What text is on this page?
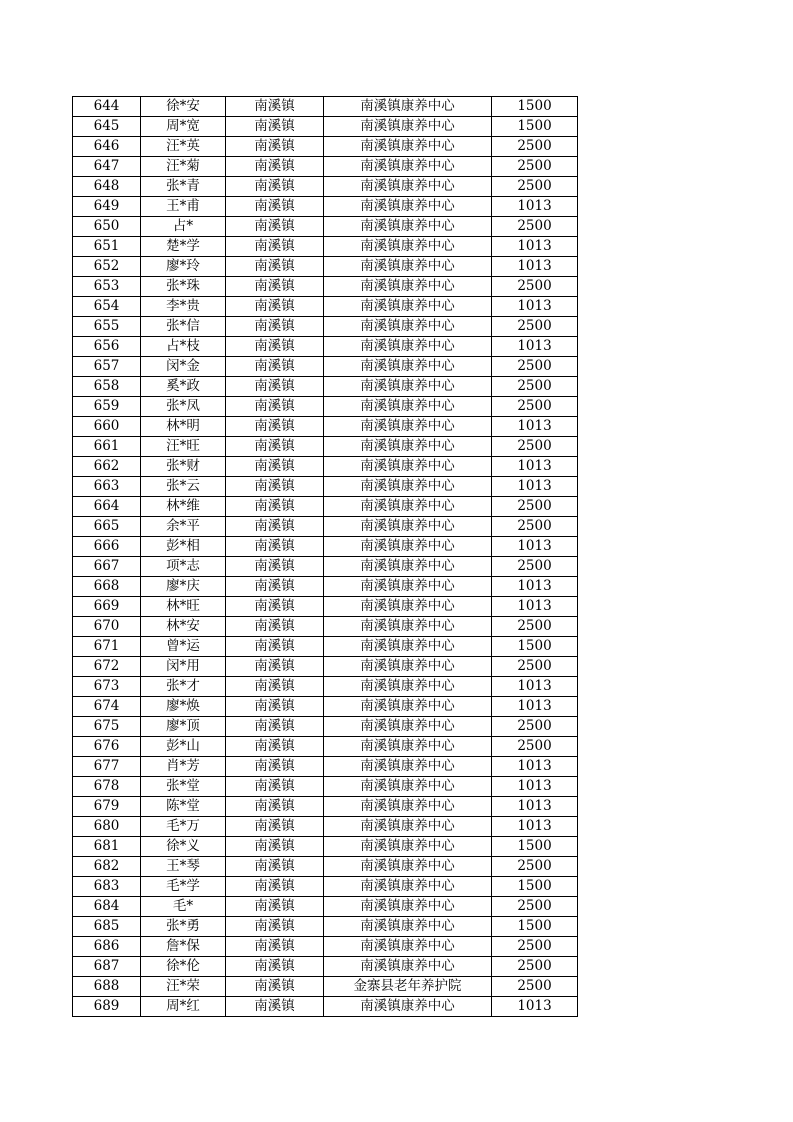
644	徐*安	南溪镇	南溪镇康养中心	1500
645	周*宽	南溪镇	南溪镇康养中心	1500
646	汪*英	南溪镇	南溪镇康养中心	2500
647	汪*菊	南溪镇	南溪镇康养中心	2500
648	张*青	南溪镇	南溪镇康养中心	2500
649	王*甫	南溪镇	南溪镇康养中心	1013
650	占*	南溪镇	南溪镇康养中心	2500
651	楚*学	南溪镇	南溪镇康养中心	1013
652	廖*玲	南溪镇	南溪镇康养中心	1013
653	张*珠	南溪镇	南溪镇康养中心	2500
654	李*贵	南溪镇	南溪镇康养中心	1013
655	张*信	南溪镇	南溪镇康养中心	2500
656	占*枝	南溪镇	南溪镇康养中心	1013
657	闵*金	南溪镇	南溪镇康养中心	2500
658	奚*政	南溪镇	南溪镇康养中心	2500
659	张*凤	南溪镇	南溪镇康养中心	2500
660	林*明	南溪镇	南溪镇康养中心	1013
661	汪*旺	南溪镇	南溪镇康养中心	2500
662	张*财	南溪镇	南溪镇康养中心	1013
663	张*云	南溪镇	南溪镇康养中心	1013
664	林*维	南溪镇	南溪镇康养中心	2500
665	余*平	南溪镇	南溪镇康养中心	2500
666	彭*相	南溪镇	南溪镇康养中心	1013
667	项*志	南溪镇	南溪镇康养中心	2500
668	廖*庆	南溪镇	南溪镇康养中心	1013
669	林*旺	南溪镇	南溪镇康养中心	1013
670	林*安	南溪镇	南溪镇康养中心	2500
671	曾*运	南溪镇	南溪镇康养中心	1500
672	闵*用	南溪镇	南溪镇康养中心	2500
673	张*才	南溪镇	南溪镇康养中心	1013
674	廖*焕	南溪镇	南溪镇康养中心	1013
675	廖*顶	南溪镇	南溪镇康养中心	2500
676	彭*山	南溪镇	南溪镇康养中心	2500
677	肖*芳	南溪镇	南溪镇康养中心	1013
678	张*堂	南溪镇	南溪镇康养中心	1013
679	陈*堂	南溪镇	南溪镇康养中心	1013
680	毛*万	南溪镇	南溪镇康养中心	1013
681	徐*义	南溪镇	南溪镇康养中心	1500
682	王*琴	南溪镇	南溪镇康养中心	2500
683	毛*学	南溪镇	南溪镇康养中心	1500
684	毛*	南溪镇	南溪镇康养中心	2500
685	张*勇	南溪镇	南溪镇康养中心	1500
686	詹*保	南溪镇	南溪镇康养中心	2500
687	徐*伦	南溪镇	南溪镇康养中心	2500
688	汪*荣	南溪镇	金寨县老年养护院	2500
689	周*红	南溪镇	南溪镇康养中心	1013
